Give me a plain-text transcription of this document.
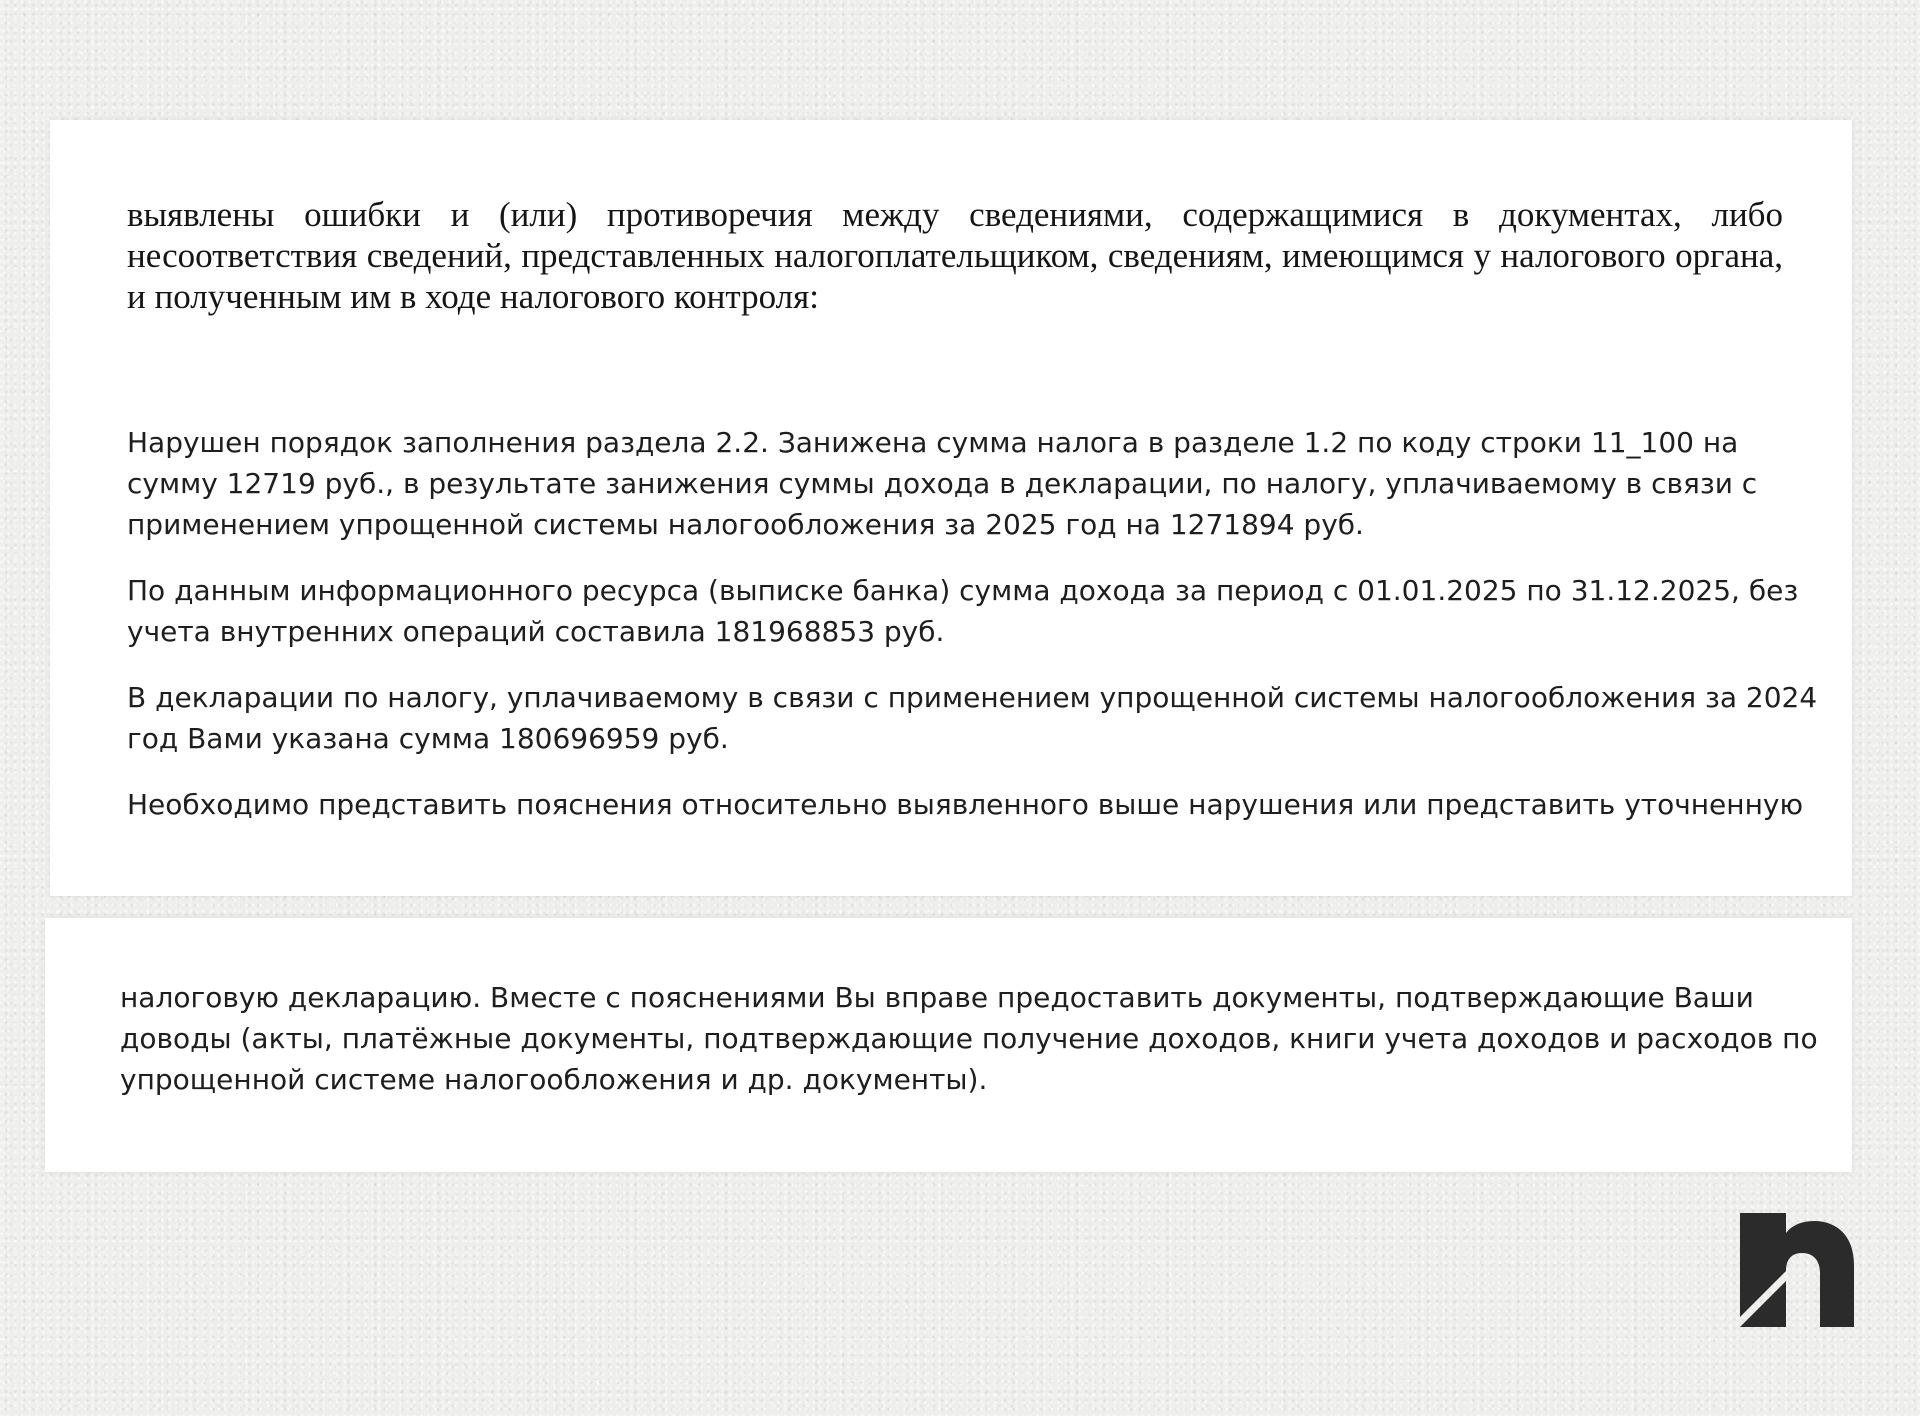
выявлены ошибки и (или) противоречия между сведениями, содержащимися в документах, либо несоответствия сведений, представленных налогоплательщиком, сведениям, имеющимся у налогового органа, и полученным им в ходе налогового контроля:

Нарушен порядок заполнения раздела 2.2. Занижена сумма налога в разделе 1.2 по коду строки 11_100 на сумму 12719 руб., в результате занижения суммы дохода в декларации, по налогу, уплачиваемому в связи с применением упрощенной системы налогообложения за 2025 год на 1271894 руб.

По данным информационного ресурса (выписке банка) сумма дохода за период с 01.01.2025 по 31.12.2025, без учета внутренних операций составила 181968853 руб.

В декларации по налогу, уплачиваемому в связи с применением упрощенной системы налогообложения за 2024 год Вами указана сумма 180696959 руб.

Необходимо представить пояснения относительно выявленного выше нарушения или представить уточненную

налоговую декларацию. Вместе с пояснениями Вы вправе предоставить документы, подтверждающие Ваши доводы (акты, платёжные документы, подтверждающие получение доходов, книги учета доходов и расходов по упрощенной системе налогообложения и др. документы).
